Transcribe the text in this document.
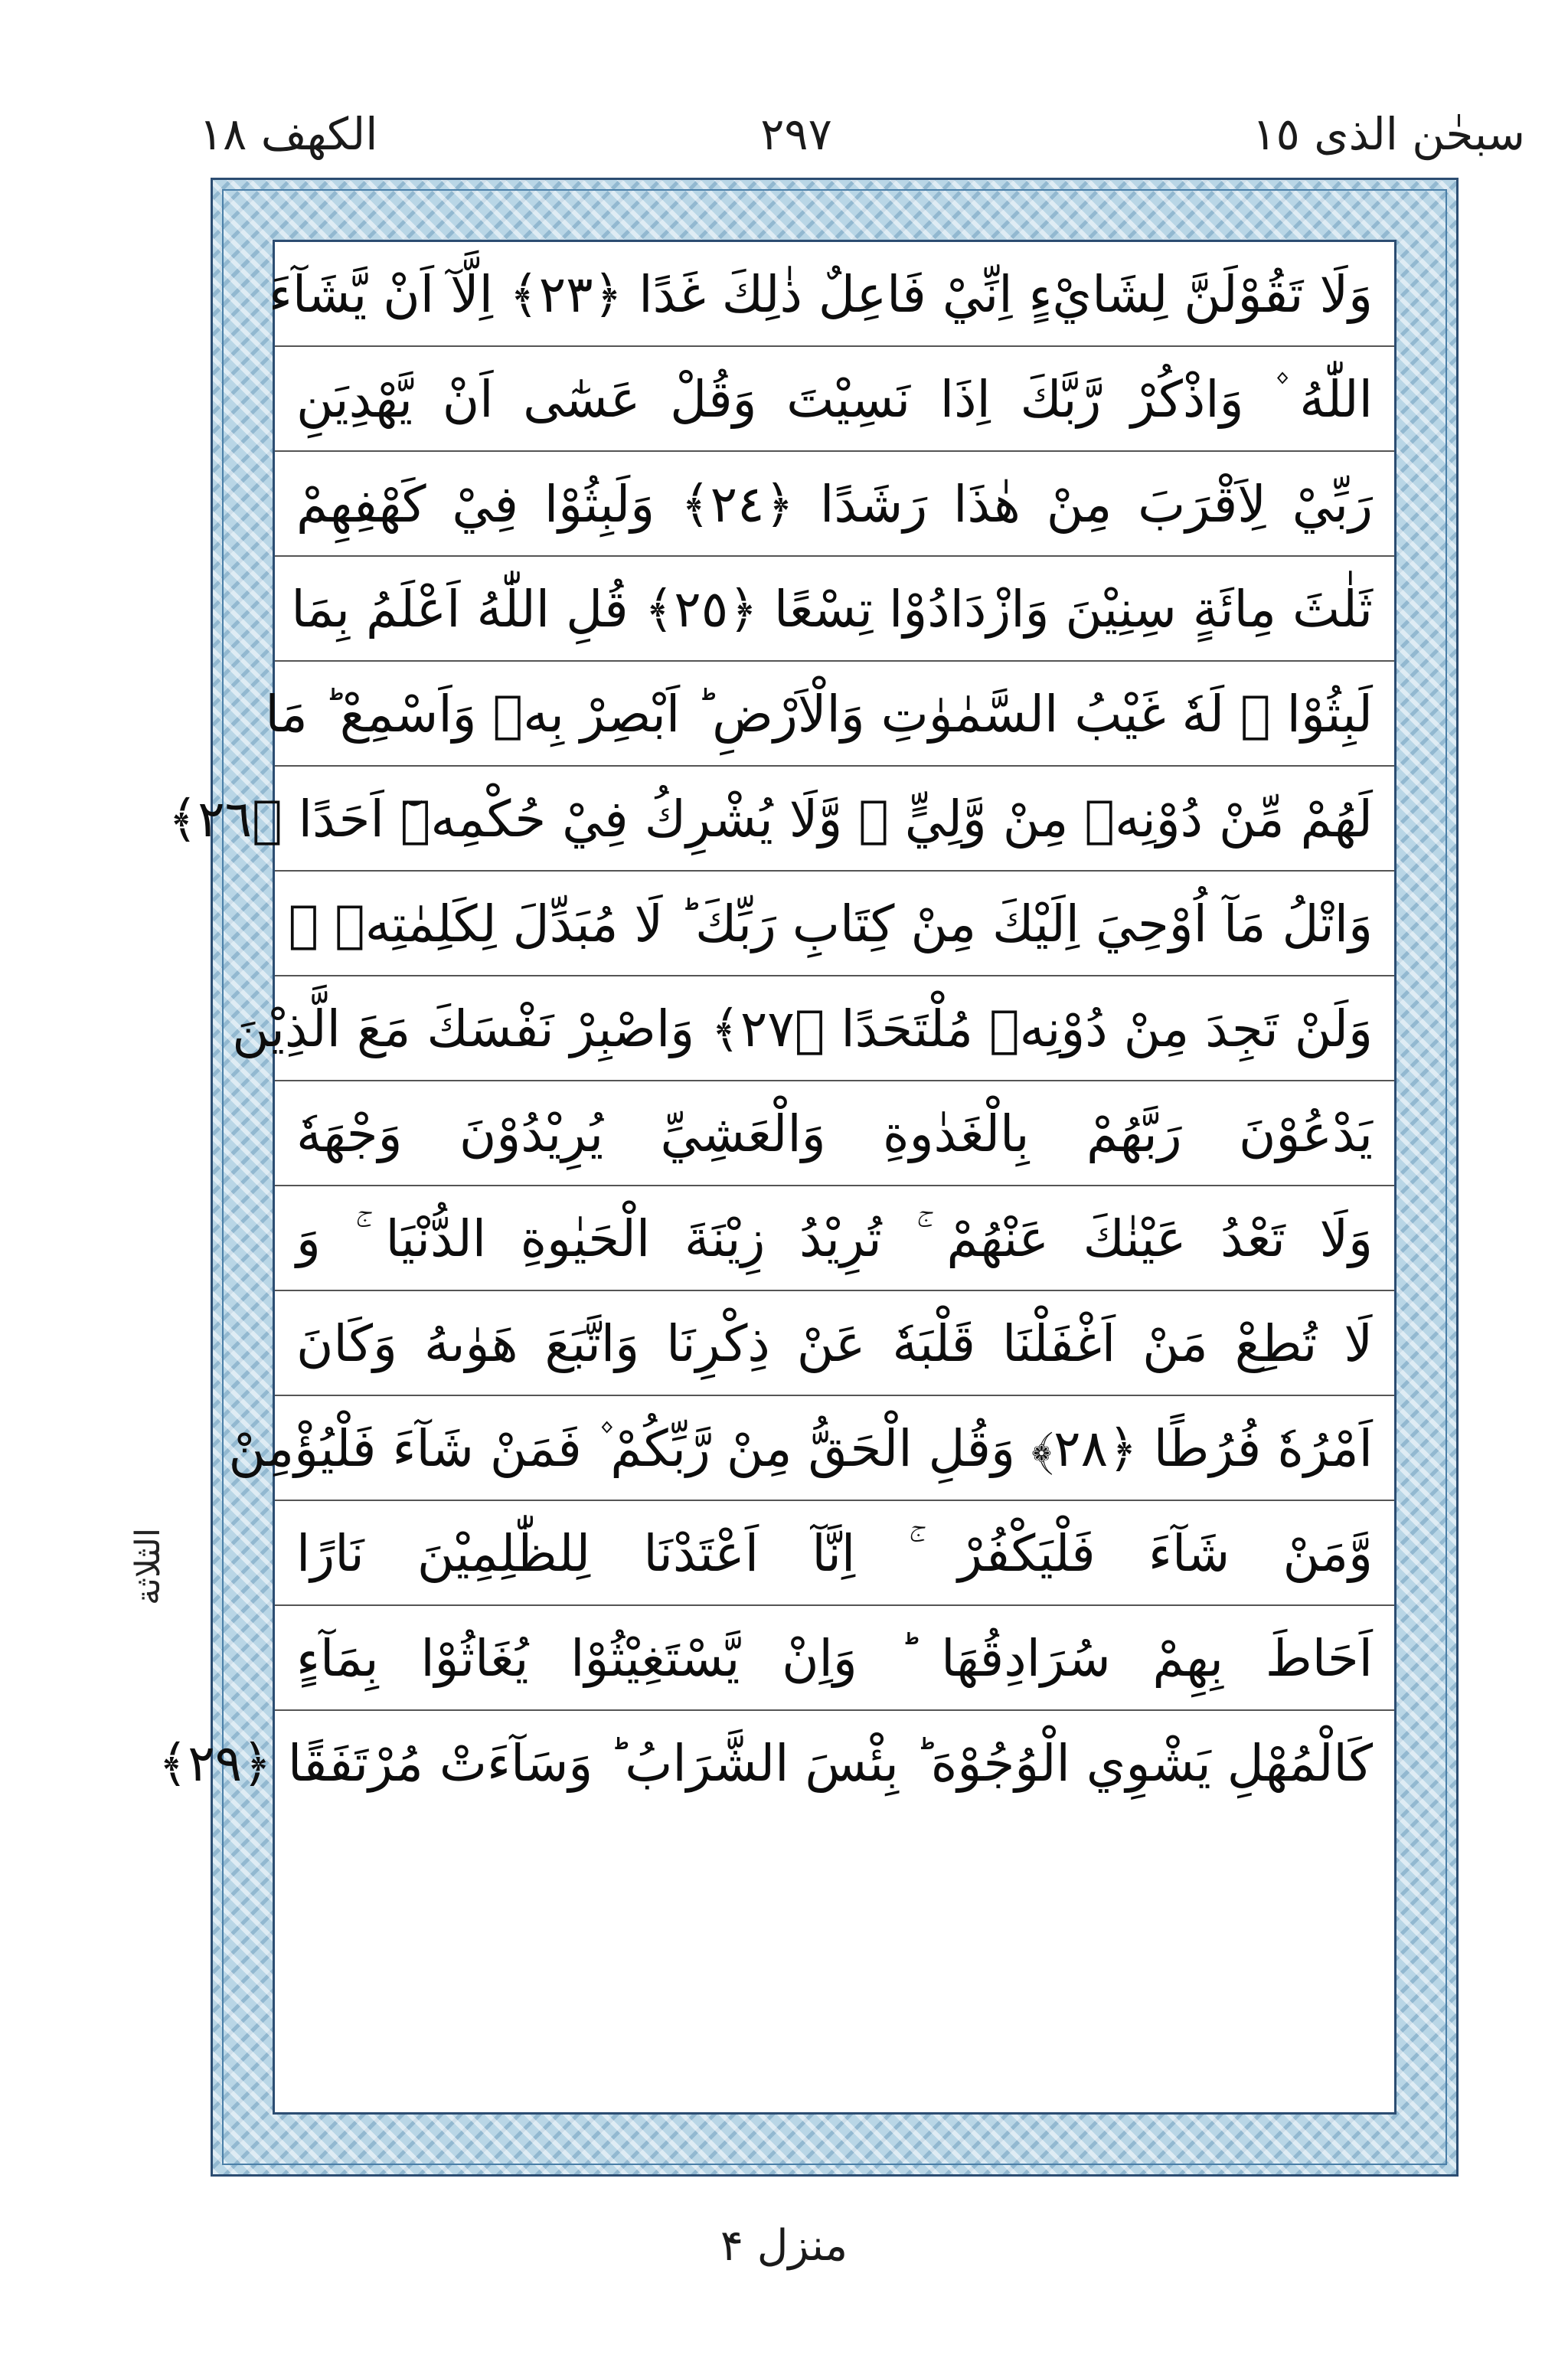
سبحٰن الذی ١٥
٢٩٧
الكهف ١٨
وَلَا تَقُوْلَنَّ لِشَايْءٍ اِنِّيْ فَاعِلٌ ذٰلِكَ غَدًا ﴿٢٣﴾ اِلَّآ اَنْ يَّشَآءَ
اللّٰهُ ۫ وَاذْكُرْ رَّبَّكَ اِذَا نَسِيْتَ وَقُلْ عَسٰٓى اَنْ يَّهْدِيَنِ
رَبِّيْ لِاَقْرَبَ مِنْ هٰذَا رَشَدًا ﴿٢٤﴾ وَلَبِثُوْا فِيْ كَهْفِهِمْ
ثَلٰثَ مِائَةٍ سِنِيْنَ وَازْدَادُوْا تِسْعًا ﴿٢٥﴾ قُلِ اللّٰهُ اَعْلَمُ بِمَا
لَبِثُوْا ۚ لَهٗ غَيْبُ السَّمٰوٰتِ وَالْاَرْضِ ؕ اَبْصِرْ بِهٖ وَاَسْمِعْ ؕ مَا
لَهُمْ مِّنْ دُوْنِهٖ مِنْ وَّلِيٍّ ۫ وَّلَا يُشْرِكُ فِيْ حُكْمِهٖٓ اَحَدًا ﴿٢٦﴾
وَاتْلُ مَآ اُوْحِيَ اِلَيْكَ مِنْ كِتَابِ رَبِّكَ ؕ لَا مُبَدِّلَ لِكَلِمٰتِهٖ ۚ
وَلَنْ تَجِدَ مِنْ دُوْنِهٖ مُلْتَحَدًا ﴿٢٧﴾ وَاصْبِرْ نَفْسَكَ مَعَ الَّذِيْنَ
يَدْعُوْنَ رَبَّهُمْ بِالْغَدٰوةِ وَالْعَشِيِّ يُرِيْدُوْنَ وَجْهَهٗ
وَلَا تَعْدُ عَيْنٰكَ عَنْهُمْ ۚ تُرِيْدُ زِيْنَةَ الْحَيٰوةِ الدُّنْيَا ۚ وَ
لَا تُطِعْ مَنْ اَغْفَلْنَا قَلْبَهٗ عَنْ ذِكْرِنَا وَاتَّبَعَ هَوٰىهُ وَكَانَ
اَمْرُهٗ فُرُطًا ﴿٢٨﴾ وَقُلِ الْحَقُّ مِنْ رَّبِّكُمْ ۫ فَمَنْ شَآءَ فَلْيُؤْمِنْ
وَّمَنْ شَآءَ فَلْيَكْفُرْ ۚ اِنَّآ اَعْتَدْنَا لِلظّٰلِمِيْنَ نَارًا
اَحَاطَ بِهِمْ سُرَادِقُهَا ؕ وَاِنْ يَّسْتَغِيْثُوْا يُغَاثُوْا بِمَآءٍ
كَالْمُهْلِ يَشْوِي الْوُجُوْهَ ؕ بِئْسَ الشَّرَابُ ؕ وَسَآءَتْ مُرْتَفَقًا ﴿٢٩﴾
الثلاثة
منزل ۴
